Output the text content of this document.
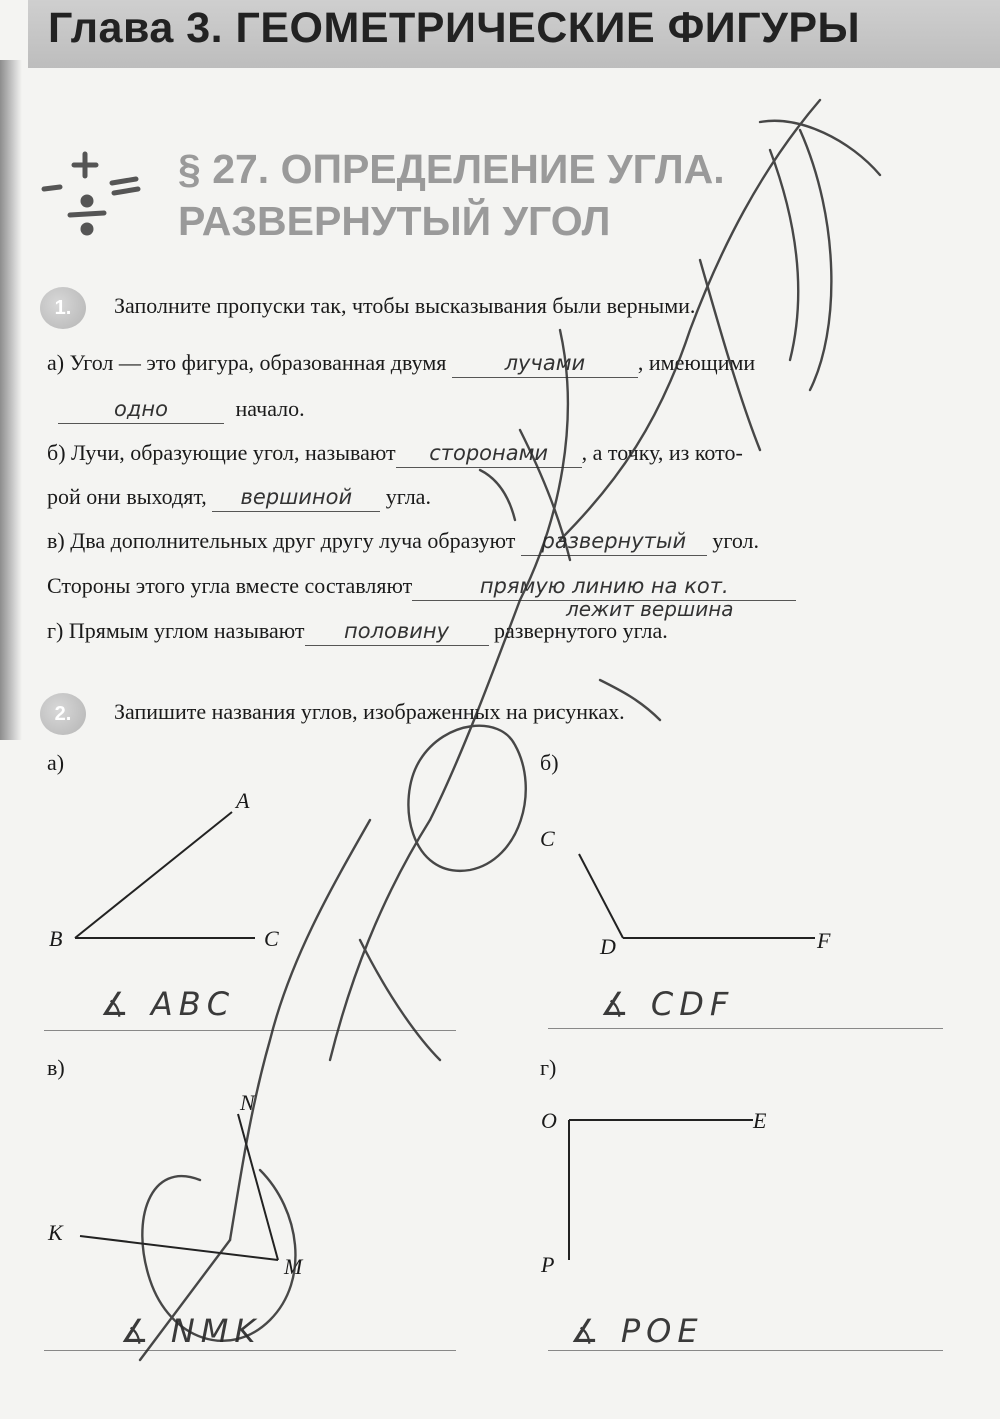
Глава 3. ГЕОМЕТРИЧЕСКИЕ ФИГУРЫ
§ 27. ОПРЕДЕЛЕНИЕ УГЛА.
РАЗВЕРНУТЫЙ УГОЛ
1.	Заполните пропуски так, чтобы высказывания были верными.
а) Угол — это фигура, образованная двумя	лучами , имеющими
одно	начало.
б) Лучи, образующие угол, называют сторонами , а точку, из кото-
рой они выходят, вершиной угла.
в) Два дополнительных друг другу луча образуют развернутый угол.
Стороны этого угла вместе составляют	прямую линию на кот.
лежит вершина
г) Прямым углом называют половину развернутого угла.
2.	Запишите названия углов, изображенных на рисунках.
а)
A
B	C
∡ ABC
б)
C
D	F
∡ CDF
в)
N
K
M
∡ NMK
г)
O	E
P
∡ POE
